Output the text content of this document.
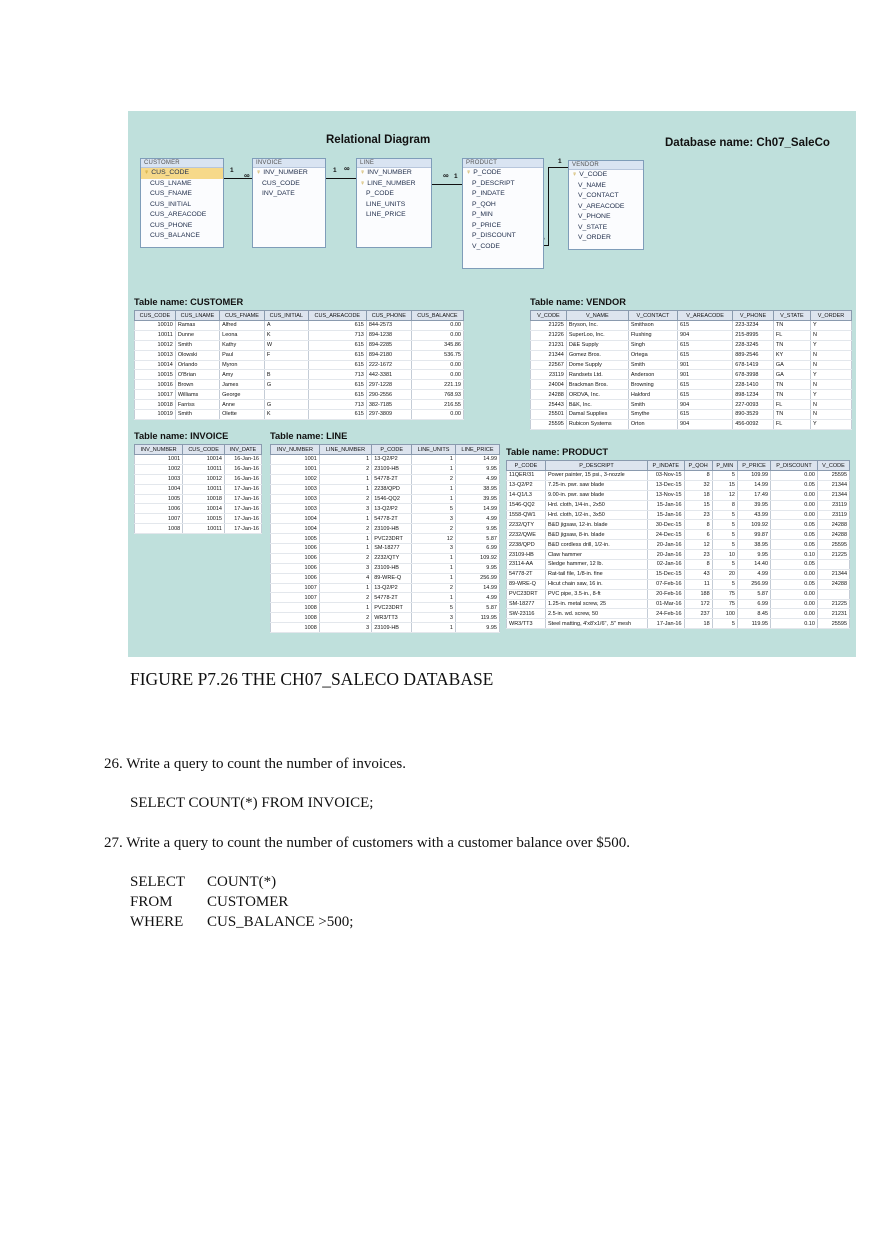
Relational Diagram	Database name: Ch07_SaleCo
1
∞
1 ∞
∞ 1
1
CUSTOMER
♀ CUS_CODE
CUS_LNAME
CUS_FNAME
CUS_INITIAL
CUS_AREACODE
CUS_PHONE
CUS_BALANCE
INVOICE
♀ INV_NUMBER
CUS_CODE
INV_DATE
LINE
♀ INV_NUMBER
♀ LINE_NUMBER
P_CODE
LINE_UNITS
LINE_PRICE
PRODUCT
♀ P_CODE
P_DESCRIPT
P_INDATE
P_QOH
P_MIN
P_PRICE
P_DISCOUNT
V_CODE
VENDOR
♀ V_CODE
V_NAME
V_CONTACT
V_AREACODE
V_PHONE
V_STATE
V_ORDER
Table name: CUSTOMER	Table name: VENDOR
Table name: INVOICE	Table name: LINE
Table name: PRODUCT
CUS_CODE	CUS_LNAME	CUS_FNAME	CUS_INITIAL	CUS_AREACODE	CUS_PHONE	CUS_BALANCE
10010	Ramas	Alfred	A	615	844-2573	0.00
10011	Dunne	Leona	K	713	894-1238	0.00
10012	Smith	Kathy	W	615	894-2285	345.86
10013	Olowski	Paul	F	615	894-2180	536.75
10014	Orlando	Myron		615	222-1672	0.00
10015	O'Brian	Amy	B	713	442-3381	0.00
10016	Brown	James	G	615	297-1228	221.19
10017	Williams	George		615	290-2556	768.93
10018	Farriss	Anne	G	713	382-7185	216.55
10019	Smith	Olette	K	615	297-3809	0.00
V_CODE	V_NAME	V_CONTACT	V_AREACODE	V_PHONE	V_STATE	V_ORDER
21225	Bryson, Inc.	Smithson	615	223-3234	TN	Y
21226	SuperLoo, Inc.	Flushing	904	215-8995	FL	N
21231	D&E Supply	Singh	615	228-3245	TN	Y
21344	Gomez Bros.	Ortega	615	889-2546	KY	N
22567	Dome Supply	Smith	901	678-1419	GA	N
23119	Randsets Ltd.	Anderson	901	678-3998	GA	Y
24004	Brackman Bros.	Browning	615	228-1410	TN	N
24288	ORDVA, Inc.	Hakford	615	898-1234	TN	Y
25443	B&K, Inc.	Smith	904	227-0093	FL	N
25501	Damal Supplies	Smythe	615	890-3529	TN	N
25595	Rubicon Systems	Orton	904	456-0092	FL	Y
INV_NUMBER	CUS_CODE	INV_DATE
1001	10014	16-Jan-16
1002	10011	16-Jan-16
1003	10012	16-Jan-16
1004	10011	17-Jan-16
1005	10018	17-Jan-16
1006	10014	17-Jan-16
1007	10015	17-Jan-16
1008	10011	17-Jan-16
INV_NUMBER	LINE_NUMBER	P_CODE	LINE_UNITS	LINE_PRICE
1001	1	13-Q2/P2	1	14.99
1001	2	23109-HB	1	9.95
1002	1	54778-2T	2	4.99
1003	1	2238/QPD	1	38.95
1003	2	1546-QQ2	1	39.95
1003	3	13-Q2/P2	5	14.99
1004	1	54778-2T	3	4.99
1004	2	23109-HB	2	9.95
1005	1	PVC23DRT	12	5.87
1006	1	SM-18277	3	6.99
1006	2	2232/QTY	1	109.92
1006	3	23109-HB	1	9.95
1006	4	89-WRE-Q	1	256.99
1007	1	13-Q2/P2	2	14.99
1007	2	54778-2T	1	4.99
1008	1	PVC23DRT	5	5.87
1008	2	WR3/TT3	3	119.95
1008	3	23109-HB	1	9.95
P_CODE	P_DESCRIPT	P_INDATE	P_QOH	P_MIN	P_PRICE	P_DISCOUNT	V_CODE
11QER/31	Power painter, 15 psi., 3-nozzle	03-Nov-15	8	5	109.99	0.00	25595
13-Q2/P2	7.25-in. pwr. saw blade	13-Dec-15	32	15	14.99	0.05	21344
14-Q1/L3	9.00-in. pwr. saw blade	13-Nov-15	18	12	17.49	0.00	21344
1546-QQ2	Hrd. cloth, 1/4-in., 2x50	15-Jan-16	15	8	39.95	0.00	23119
1558-QW1	Hrd. cloth, 1/2-in., 3x50	15-Jan-16	23	5	43.99	0.00	23119
2232/QTY	B&D jigsaw, 12-in. blade	30-Dec-15	8	5	109.92	0.05	24288
2232/QWE	B&D jigsaw, 8-in. blade	24-Dec-15	6	5	99.87	0.05	24288
2238/QPD	B&D cordless drill, 1/2-in.	20-Jan-16	12	5	38.95	0.05	25595
23109-HB	Claw hammer	20-Jan-16	23	10	9.95	0.10	21225
23114-AA	Sledge hammer, 12 lb.	02-Jan-16	8	5	14.40	0.05	
54778-2T	Rat-tail file, 1/8-in. fine	15-Dec-15	43	20	4.99	0.00	21344
89-WRE-Q	Hicut chain saw, 16 in.	07-Feb-16	11	5	256.99	0.05	24288
PVC23DRT	PVC pipe, 3.5-in., 8-ft	20-Feb-16	188	75	5.87	0.00	
SM-18277	1.25-in. metal screw, 25	01-Mar-16	172	75	6.99	0.00	21225
SW-23116	2.5-in. wd. screw, 50	24-Feb-16	237	100	8.45	0.00	21231
WR3/TT3	Steel matting, 4'x8'x1/6", .5" mesh	17-Jan-16	18	5	119.95	0.10	25595
FIGURE P7.26 THE CH07_SALECO DATABASE
26. Write a query to count the number of invoices.
SELECT COUNT(*) FROM INVOICE;
27. Write a query to count the number of customers with a customer balance over $500.
SELECT COUNT(*)
FROM CUSTOMER
WHERE CUS_BALANCE >500;
